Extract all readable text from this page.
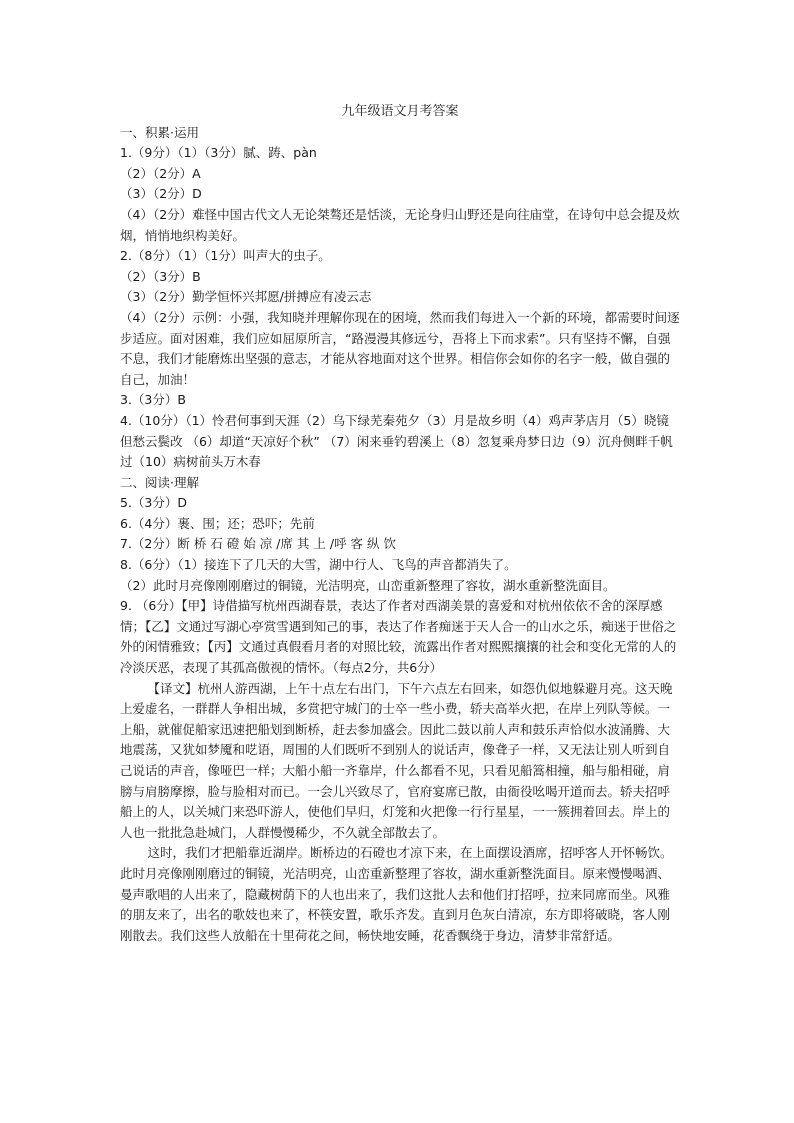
九年级语文月考答案
一、积累·运用
1.（9分）（1）（3分）腻、踌、pàn
（2）（2分）A
（3）（2分）D
（4）（2分）难怪中国古代文人无论桀骜还是恬淡，无论身归山野还是向往庙堂，在诗句中总会提及炊烟，悄悄地织构美好。
2.（8分）（1）（1分）叫声大的虫子。
（2）（3分）B
（3）（2分）勤学恒怀兴邦愿/拼搏应有凌云志
（4）（2分）示例：小强，我知晓并理解你现在的困境，然而我们每进入一个新的环境，都需要时间逐步适应。面对困难，我们应如屈原所言，“路漫漫其修远兮，吾将上下而求索”。只有坚持不懈，自强不息，我们才能磨炼出坚强的意志，才能从容地面对这个世界。相信你会如你的名字一般，做自强的自己，加油！
3.（3分）B
4.（10分）（1）怜君何事到天涯（2）乌下绿芜秦苑夕（3）月是故乡明（4）鸡声茅店月（5）晓镜但愁云鬓改 （6）却道“天凉好个秋” （7）闲来垂钓碧溪上（8）忽复乘舟梦日边（9）沉舟侧畔千帆过（10）病树前头万木春
二、阅读·理解
5.（3分）D
6.（4分）裹、围；还；恐吓；先前
7.（2分）断 桥 石 磴 始 凉 /席 其 上 /呼 客 纵 饮
8.（6分）（1）接连下了几天的大雪，湖中行人、飞鸟的声音都消失了。
（2）此时月亮像刚刚磨过的铜镜，光洁明亮，山峦重新整理了容妆，湖水重新整洗面目。
9. （6分）【甲】诗借描写杭州西湖春景，表达了作者对西湖美景的喜爱和对杭州依依不舍的深厚感情；【乙】文通过写湖心亭赏雪遇到知己的事，表达了作者痴迷于天人合一的山水之乐，痴迷于世俗之外的闲情雅致；【丙】文通过真假看月者的对照比较，流露出作者对熙熙攘攘的社会和变化无常的人的冷淡厌恶，表现了其孤高傲视的情怀。（每点2分，共6分）
【译文】杭州人游西湖，上午十点左右出门，下午六点左右回来，如怨仇似地躲避月亮。这天晚上爱虚名，一群群人争相出城，多赏把守城门的士卒一些小费，轿夫高举火把，在岸上列队等候。一上船，就催促船家迅速把船划到断桥，赶去参加盛会。因此二鼓以前人声和鼓乐声恰似水波涌腾、大地震荡，又犹如梦魇和呓语，周围的人们既听不到别人的说话声，像聋子一样，又无法让别人听到自己说话的声音，像哑巴一样；大船小船一齐靠岸，什么都看不见，只看见船篙相撞，船与船相碰，肩膀与肩膀摩擦，脸与脸相对而已。一会儿兴致尽了，官府宴席已散，由衙役吆喝开道而去。轿夫招呼船上的人，以关城门来恐吓游人，使他们早归，灯笼和火把像一行行星星，一一簇拥着回去。岸上的人也一批批急赴城门，人群慢慢稀少，不久就全部散去了。
这时，我们才把船靠近湖岸。断桥边的石磴也才凉下来，在上面摆设酒席，招呼客人开怀畅饮。此时月亮像刚刚磨过的铜镜，光洁明亮，山峦重新整理了容妆，湖水重新整洗面目。原来慢慢喝酒、曼声歌唱的人出来了，隐藏树荫下的人也出来了，我们这批人去和他们打招呼，拉来同席而坐。风雅的朋友来了，出名的歌妓也来了，杯筷安置，歌乐齐发。直到月色灰白清凉，东方即将破晓，客人刚刚散去。我们这些人放船在十里荷花之间，畅快地安睡，花香飘绕于身边，清梦非常舒适。
